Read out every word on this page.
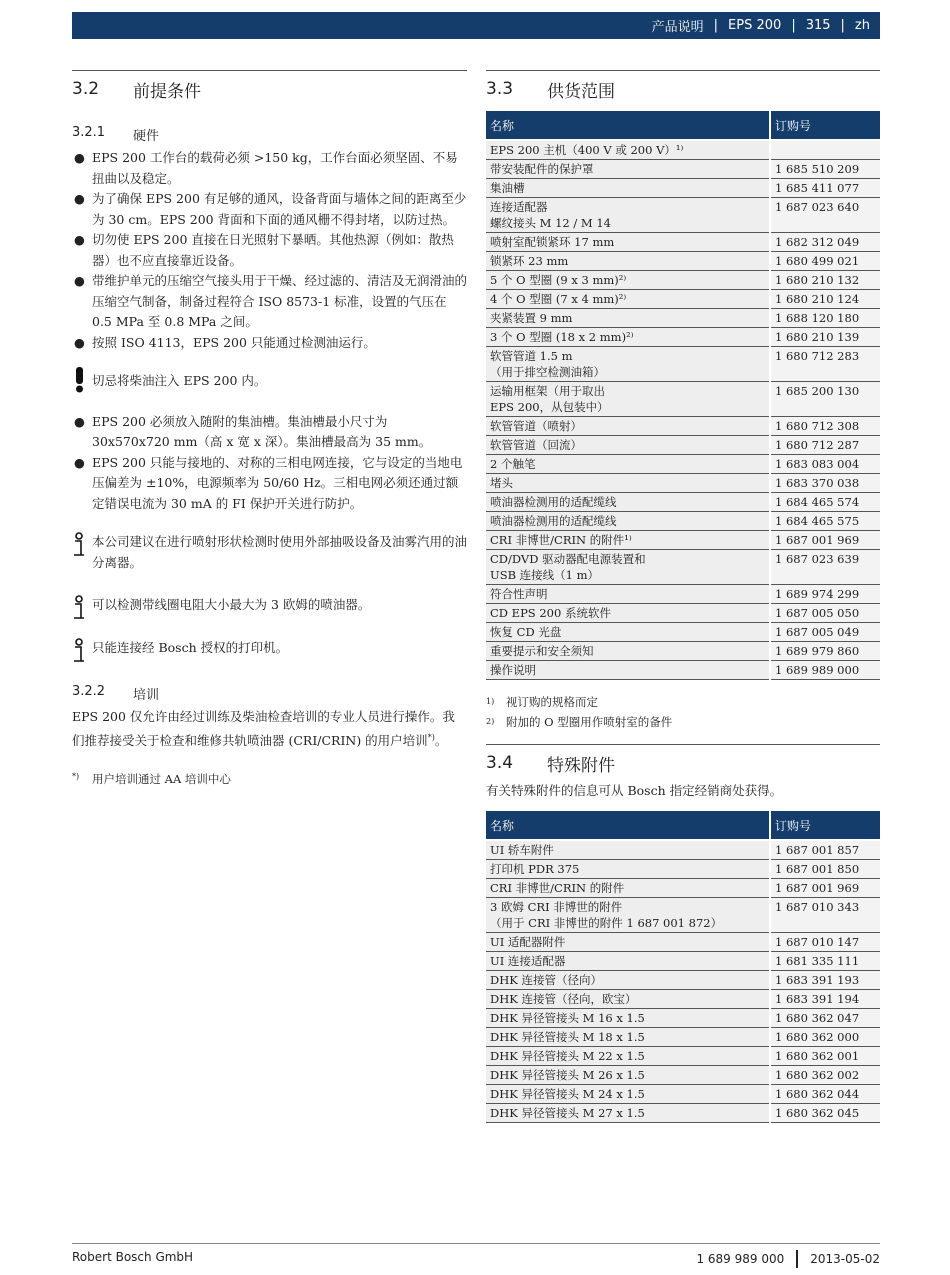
产品说明 | EPS 200 | 315 | zh
3.2	前提条件
3.2.1	硬件
● EPS 200 工作台的载荷必须 >150 kg，工作台面必须坚固、不易扭曲以及稳定。
● 为了确保 EPS 200 有足够的通风，设备背面与墙体之间的距离至少为 30 cm。EPS 200 背面和下面的通风栅不得封堵，以防过热。
● 切勿使 EPS 200 直接在日光照射下暴晒。其他热源（例如：散热器）也不应直接靠近设备。
● 带维护单元的压缩空气接头用于干燥、经过滤的、清洁及无润滑油的压缩空气制备，制备过程符合 ISO 8573-1 标准，设置的气压在 0.5 MPa 至 0.8 MPa 之间。
● 按照 ISO 4113，EPS 200 只能通过检测油运行。
切忌将柴油注入 EPS 200 内。
● EPS 200 必须放入随附的集油槽。集油槽最小尺寸为 30x570x720 mm（高 x 宽 x 深）。集油槽最高为 35 mm。
● EPS 200 只能与接地的、对称的三相电网连接，它与设定的当地电压偏差为 ±10%，电源频率为 50/60 Hz。三相电网必须还通过额定错误电流为 30 mA 的 FI 保护开关进行防护。
本公司建议在进行喷射形状检测时使用外部抽吸设备及油雾汽用的油分离器。
可以检测带线圈电阻大小最大为 3 欧姆的喷油器。
只能连接经 Bosch 授权的打印机。
3.2.2	培训

EPS 200 仅允许由经过训练及柴油检查培训的专业人员进行操作。我们推荐接受关于检查和维修共轨喷油器 (CRI/CRIN) 的用户培训*)。

*)	用户培训通过 AA 培训中心
3.3	供货范围
名称	订购号
EPS 200 主机（400 V 或 200 V）¹⁾	
带安装配件的保护罩	1 685 510 209
集油槽	1 685 411 077
连接适配器
螺纹接头 M 12 / M 14	1 687 023 640
喷射室配锁紧环 17 mm	1 682 312 049
锁紧环 23 mm	1 680 499 021
5 个 O 型圈 (9 x 3 mm)²⁾	1 680 210 132
4 个 O 型圈 (7 x 4 mm)²⁾	1 680 210 124
夹紧装置 9 mm	1 688 120 180
3 个 O 型圈 (18 x 2 mm)²⁾	1 680 210 139
软管管道 1.5 m
（用于排空检测油箱）	1 680 712 283
运输用框架（用于取出
EPS 200，从包装中）	1 685 200 130
软管管道（喷射）	1 680 712 308
软管管道（回流）	1 680 712 287
2 个触笔	1 683 083 004
堵头	1 683 370 038
喷油器检测用的适配缆线	1 684 465 574
喷油器检测用的适配缆线	1 684 465 575
CRI 非博世/CRIN 的附件¹⁾	1 687 001 969
CD/DVD 驱动器配电源装置和
USB 连接线（1 m）	1 687 023 639
符合性声明	1 689 974 299
CD EPS 200 系统软件	1 687 005 050
恢复 CD 光盘	1 687 005 049
重要提示和安全须知	1 689 979 860
操作说明	1 689 989 000
1)	视订购的规格而定
2)	附加的 O 型圈用作喷射室的备件
3.4	特殊附件
有关特殊附件的信息可从 Bosch 指定经销商处获得。
名称	订购号
UI 轿车附件	1 687 001 857
打印机 PDR 375	1 687 001 850
CRI 非博世/CRIN 的附件	1 687 001 969
3 欧姆 CRI 非博世的附件
（用于 CRI 非博世的附件 1 687 001 872）	1 687 010 343
UI 适配器附件	1 687 010 147
UI 连接适配器	1 681 335 111
DHK 连接管（径向）	1 683 391 193
DHK 连接管（径向，欧宝）	1 683 391 194
DHK 异径管接头 M 16 x 1.5	1 680 362 047
DHK 异径管接头 M 18 x 1.5	1 680 362 000
DHK 异径管接头 M 22 x 1.5	1 680 362 001
DHK 异径管接头 M 26 x 1.5	1 680 362 002
DHK 异径管接头 M 24 x 1.5	1 680 362 044
DHK 异径管接头 M 27 x 1.5	1 680 362 045
Robert Bosch GmbH	1 689 989 000 2013-05-02
